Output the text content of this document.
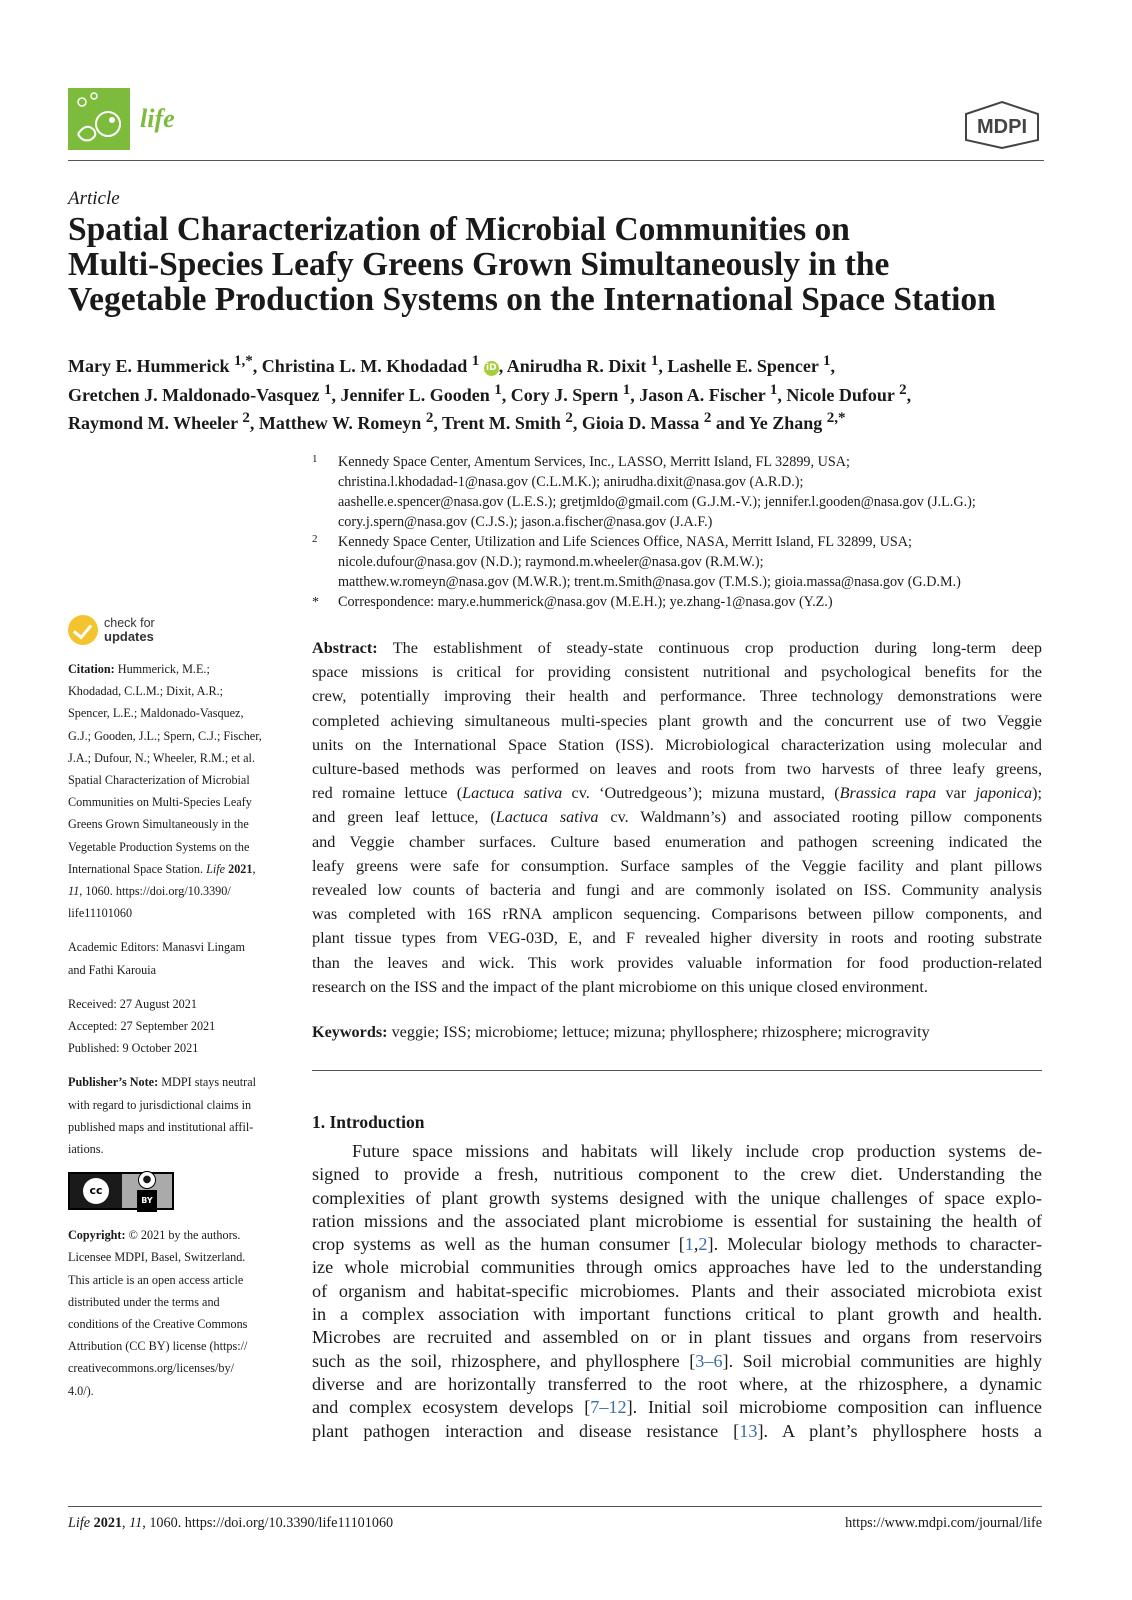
life	MDPI
Article
Spatial Characterization of Microbial Communities on
Multi-Species Leafy Greens Grown Simultaneously in the
Vegetable Production Systems on the International Space Station
Mary E. Hummerick $^{1,*}$, Christina L. M. Khodadad $^1$ iD , Anirudha R. Dixit $^1$, Lashelle E. Spencer $^1$,
Gretchen J. Maldonado-Vasquez $^1$, Jennifer L. Gooden $^1$, Cory J. Spern $^1$, Jason A. Fischer $^1$, Nicole Dufour $^2$,
Raymond M. Wheeler $^2$, Matthew W. Romeyn $^2$, Trent M. Smith $^2$, Gioia D. Massa $^2$ and Ye Zhang $^{2,*}$
1 Kennedy Space Center, Amentum Services, Inc., LASSO, Merritt Island, FL 32899, USA;
christina.l.khodadad-1@nasa.gov (C.L.M.K.); anirudha.dixit@nasa.gov (A.R.D.);
aashelle.e.spencer@nasa.gov (L.E.S.); gretjmldo@gmail.com (G.J.M.-V.); jennifer.l.gooden@nasa.gov (J.L.G.);
cory.j.spern@nasa.gov (C.J.S.); jason.a.fischer@nasa.gov (J.A.F.)
2 Kennedy Space Center, Utilization and Life Sciences Office, NASA, Merritt Island, FL 32899, USA;
nicole.dufour@nasa.gov (N.D.); raymond.m.wheeler@nasa.gov (R.M.W.);
matthew.w.romeyn@nasa.gov (M.W.R.); trent.m.Smith@nasa.gov (T.M.S.); gioia.massa@nasa.gov (G.D.M.)
* Correspondence: mary.e.hummerick@nasa.gov (M.E.H.); ye.zhang-1@nasa.gov (Y.Z.)
check for
updates
Citation: Hummerick, M.E.;
Khodadad, C.L.M.; Dixit, A.R.;
Spencer, L.E.; Maldonado-Vasquez,
G.J.; Gooden, J.L.; Spern, C.J.; Fischer,
J.A.; Dufour, N.; Wheeler, R.M.; et al.
Spatial Characterization of Microbial
Communities on Multi-Species Leafy
Greens Grown Simultaneously in the
Vegetable Production Systems on the
International Space Station. Life 2021,
11, 1060. https://doi.org/10.3390/
life11101060
Academic Editors: Manasvi Lingam
and Fathi Karouia
Received: 27 August 2021
Accepted: 27 September 2021
Published: 9 October 2021
Publisher’s Note: MDPI stays neutral
with regard to jurisdictional claims in
published maps and institutional affil-
iations.
cc
●
BY
Copyright: © 2021 by the authors.
Licensee MDPI, Basel, Switzerland.
This article is an open access article
distributed under the terms and
conditions of the Creative Commons
Attribution (CC BY) license (https://
creativecommons.org/licenses/by/
4.0/).
Abstract: The establishment of steady-state continuous crop production during long-term deep
space missions is critical for providing consistent nutritional and psychological benefits for the
crew, potentially improving their health and performance. Three technology demonstrations were
completed achieving simultaneous multi-species plant growth and the concurrent use of two Veggie
units on the International Space Station (ISS). Microbiological characterization using molecular and
culture-based methods was performed on leaves and roots from two harvests of three leafy greens,
red romaine lettuce (Lactuca sativa cv. ‘Outredgeous’); mizuna mustard, (Brassica rapa var japonica);
and green leaf lettuce, (Lactuca sativa cv. Waldmann’s) and associated rooting pillow components
and Veggie chamber surfaces. Culture based enumeration and pathogen screening indicated the
leafy greens were safe for consumption. Surface samples of the Veggie facility and plant pillows
revealed low counts of bacteria and fungi and are commonly isolated on ISS. Community analysis
was completed with 16S rRNA amplicon sequencing. Comparisons between pillow components, and
plant tissue types from VEG-03D, E, and F revealed higher diversity in roots and rooting substrate
than the leaves and wick. This work provides valuable information for food production-related
research on the ISS and the impact of the plant microbiome on this unique closed environment.
Keywords: veggie; ISS; microbiome; lettuce; mizuna; phyllosphere; rhizosphere; microgravity
1. Introduction
Future space missions and habitats will likely include crop production systems de-
signed to provide a fresh, nutritious component to the crew diet. Understanding the
complexities of plant growth systems designed with the unique challenges of space explo-
ration missions and the associated plant microbiome is essential for sustaining the health of
crop systems as well as the human consumer [1,2]. Molecular biology methods to character-
ize whole microbial communities through omics approaches have led to the understanding
of organism and habitat-specific microbiomes. Plants and their associated microbiota exist
in a complex association with important functions critical to plant growth and health.
Microbes are recruited and assembled on or in plant tissues and organs from reservoirs
such as the soil, rhizosphere, and phyllosphere [3–6]. Soil microbial communities are highly
diverse and are horizontally transferred to the root where, at the rhizosphere, a dynamic
and complex ecosystem develops [7–12]. Initial soil microbiome composition can influence
plant pathogen interaction and disease resistance [13]. A plant’s phyllosphere hosts a
Life 2021, 11, 1060. https://doi.org/10.3390/life11101060	https://www.mdpi.com/journal/life
